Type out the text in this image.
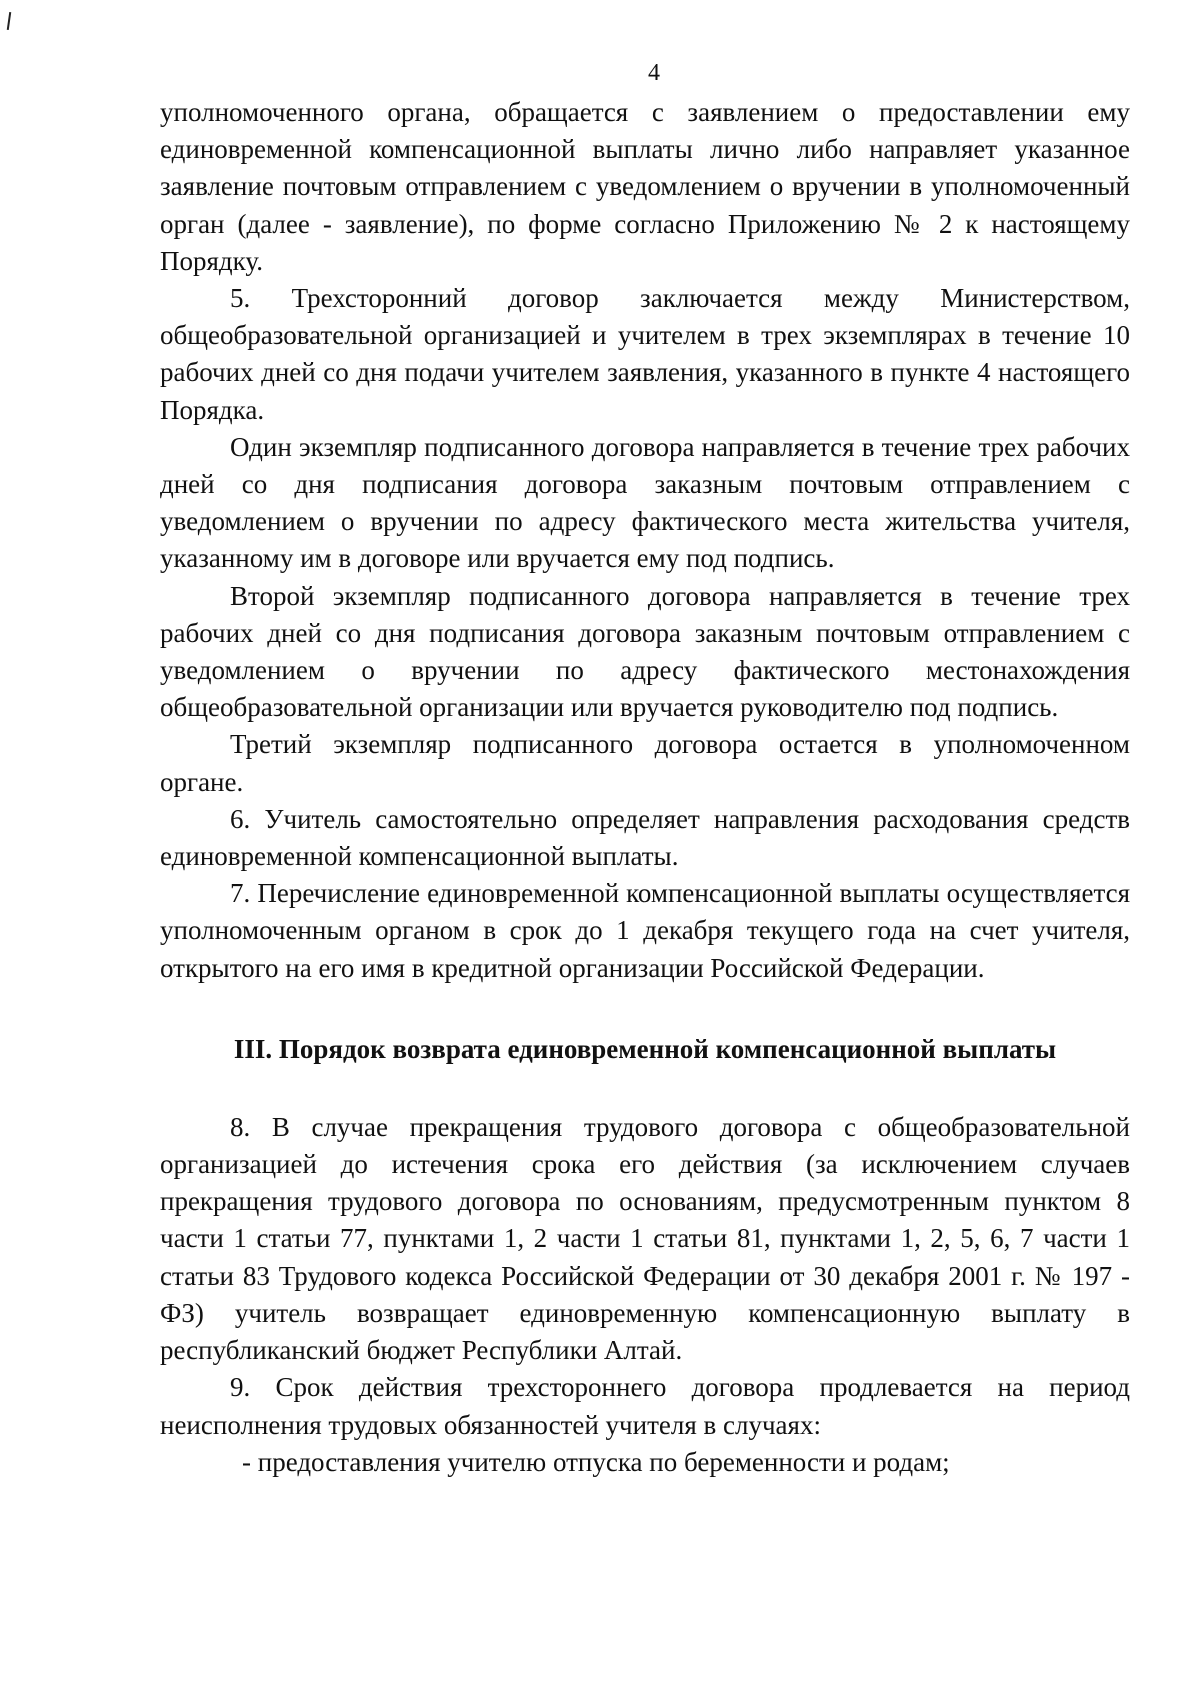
4

уполномоченного органа, обращается с заявлением о предоставлении ему единовременной компенсационной выплаты лично либо направляет указанное заявление почтовым отправлением с уведомлением о вручении в уполномоченный орган (далее - заявление), по форме согласно Приложению № 2 к настоящему Порядку.

5. Трехсторонний договор заключается между Министерством, общеобразовательной организацией и учителем в трех экземплярах в течение 10 рабочих дней со дня подачи учителем заявления, указанного в пункте 4 настоящего Порядка.

Один экземпляр подписанного договора направляется в течение трех рабочих дней со дня подписания договора заказным почтовым отправлением с уведомлением о вручении по адресу фактического места жительства учителя, указанному им в договоре или вручается ему под подпись.

Второй экземпляр подписанного договора направляется в течение трех рабочих дней со дня подписания договора заказным почтовым отправлением с уведомлением о вручении по адресу фактического местонахождения общеобразовательной организации или вручается руководителю под подпись.

Третий экземпляр подписанного договора остается в уполномоченном органе.

6. Учитель самостоятельно определяет направления расходования средств единовременной компенсационной выплаты.

7. Перечисление единовременной компенсационной выплаты осуществляется уполномоченным органом в срок до 1 декабря текущего года на счет учителя, открытого на его имя в кредитной организации Российской Федерации.

III. Порядок возврата единовременной компенсационной выплаты

8. В случае прекращения трудового договора с общеобразовательной организацией до истечения срока его действия (за исключением случаев прекращения трудового договора по основаниям, предусмотренным пунктом 8 части 1 статьи 77, пунктами 1, 2 части 1 статьи 81, пунктами 1, 2, 5, 6, 7 части 1 статьи 83 Трудового кодекса Российской Федерации от 30 декабря 2001 г. № 197 - ФЗ) учитель возвращает единовременную компенсационную выплату в республиканский бюджет Республики Алтай.

9. Срок действия трехстороннего договора продлевается на период неисполнения трудовых обязанностей учителя в случаях:

- предоставления учителю отпуска по беременности и родам;
